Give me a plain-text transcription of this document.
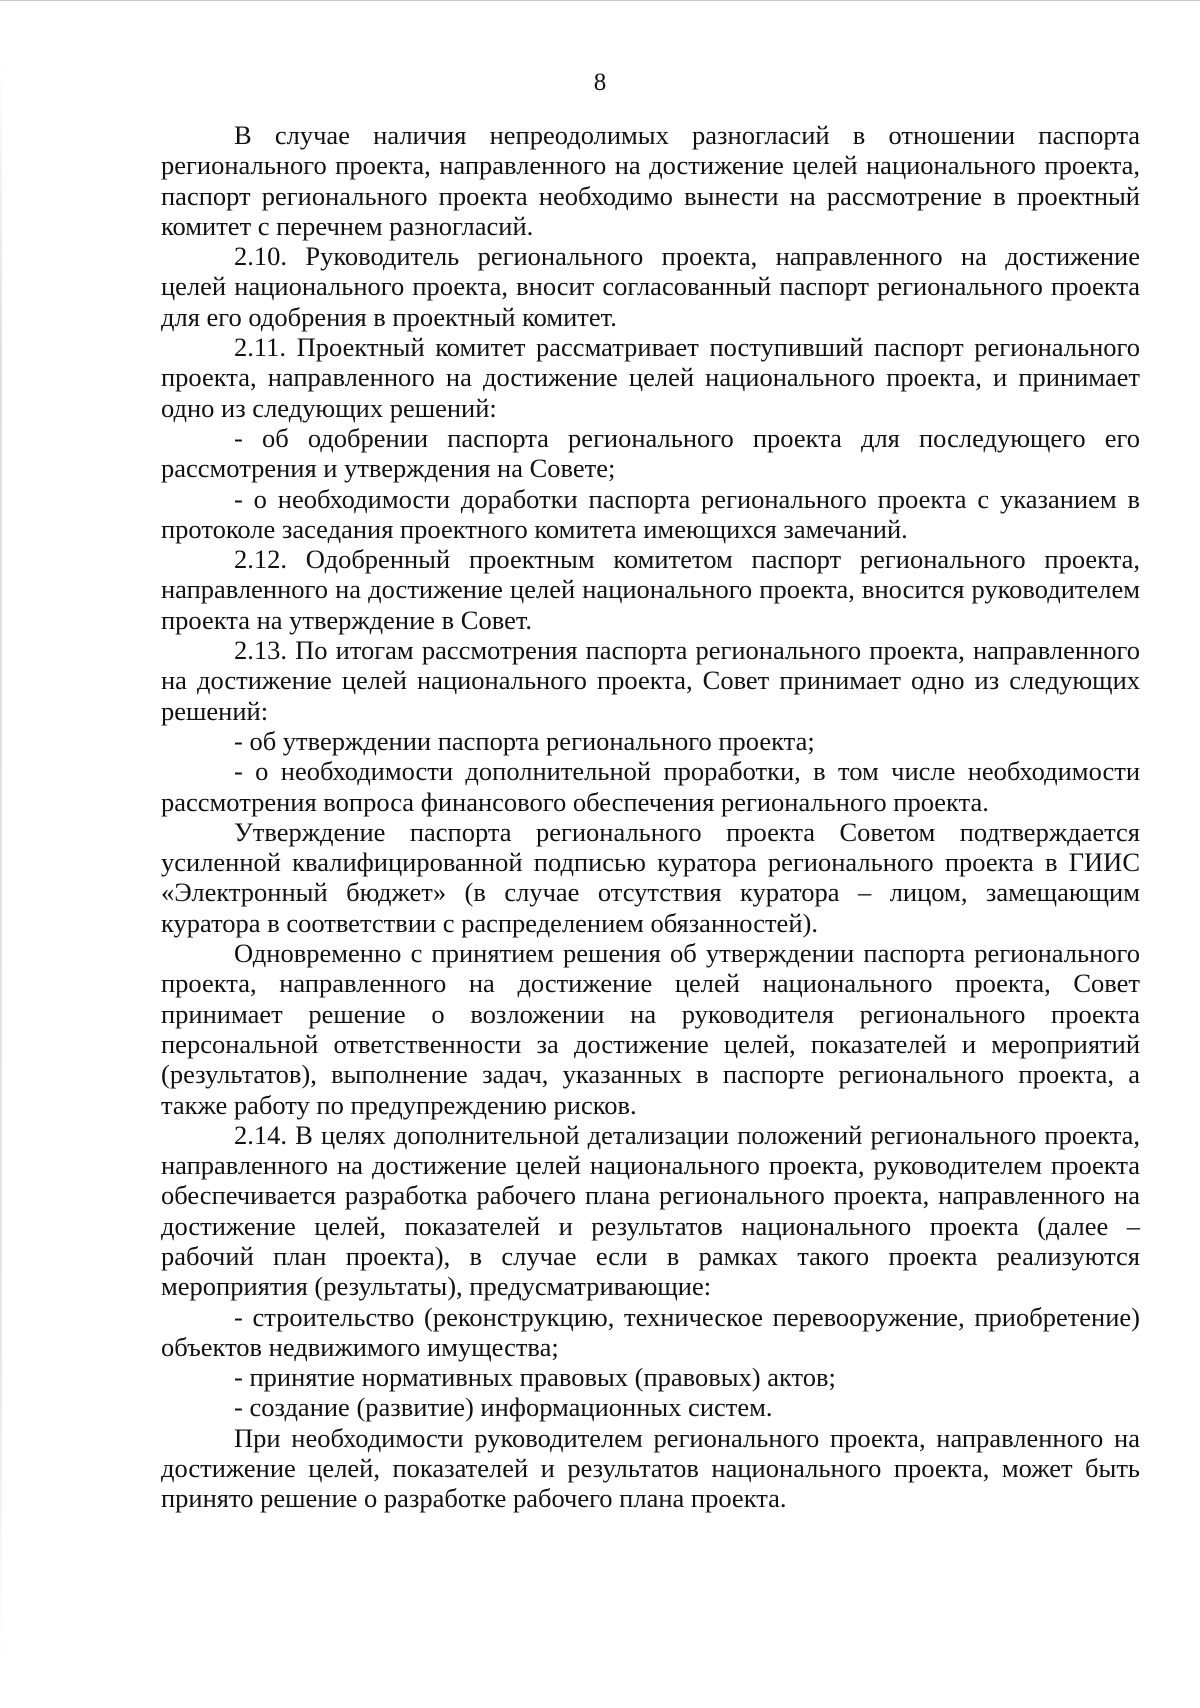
8

В случае наличия непреодолимых разногласий в отношении паспорта регионального проекта, направленного на достижение целей национального проекта, паспорт регионального проекта необходимо вынести на рассмотрение в проектный комитет с перечнем разногласий.

2.10. Руководитель регионального проекта, направленного на достижение целей национального проекта, вносит согласованный паспорт регионального проекта для его одобрения в проектный комитет.

2.11. Проектный комитет рассматривает поступивший паспорт регионального проекта, направленного на достижение целей национального проекта, и принимает одно из следующих решений:

- об одобрении паспорта регионального проекта для последующего его рассмотрения и утверждения на Совете;

- о необходимости доработки паспорта регионального проекта с указанием в протоколе заседания проектного комитета имеющихся замечаний.

2.12. Одобренный проектным комитетом паспорт регионального проекта, направленного на достижение целей национального проекта, вносится руководителем проекта на утверждение в Совет.

2.13. По итогам рассмотрения паспорта регионального проекта, направленного на достижение целей национального проекта, Совет принимает одно из следующих решений:

- об утверждении паспорта регионального проекта;

- о необходимости дополнительной проработки, в том числе необходимости рассмотрения вопроса финансового обеспечения регионального проекта.

Утверждение паспорта регионального проекта Советом подтверждается усиленной квалифицированной подписью куратора регионального проекта в ГИИС «Электронный бюджет» (в случае отсутствия куратора – лицом, замещающим куратора в соответствии с распределением обязанностей).

Одновременно с принятием решения об утверждении паспорта регионального проекта, направленного на достижение целей национального проекта, Совет принимает решение о возложении на руководителя регионального проекта персональной ответственности за достижение целей, показателей и мероприятий (результатов), выполнение задач, указанных в паспорте регионального проекта, а также работу по предупреждению рисков.

2.14. В целях дополнительной детализации положений регионального проекта, направленного на достижение целей национального проекта, руководителем проекта обеспечивается разработка рабочего плана регионального проекта, направленного на достижение целей, показателей и результатов национального проекта (далее – рабочий план проекта), в случае если в рамках такого проекта реализуются мероприятия (результаты), предусматривающие:

- строительство (реконструкцию, техническое перевооружение, приобретение) объектов недвижимого имущества;

- принятие нормативных правовых (правовых) актов;

- создание (развитие) информационных систем.

При необходимости руководителем регионального проекта, направленного на достижение целей, показателей и результатов национального проекта, может быть принято решение о разработке рабочего плана проекта.
